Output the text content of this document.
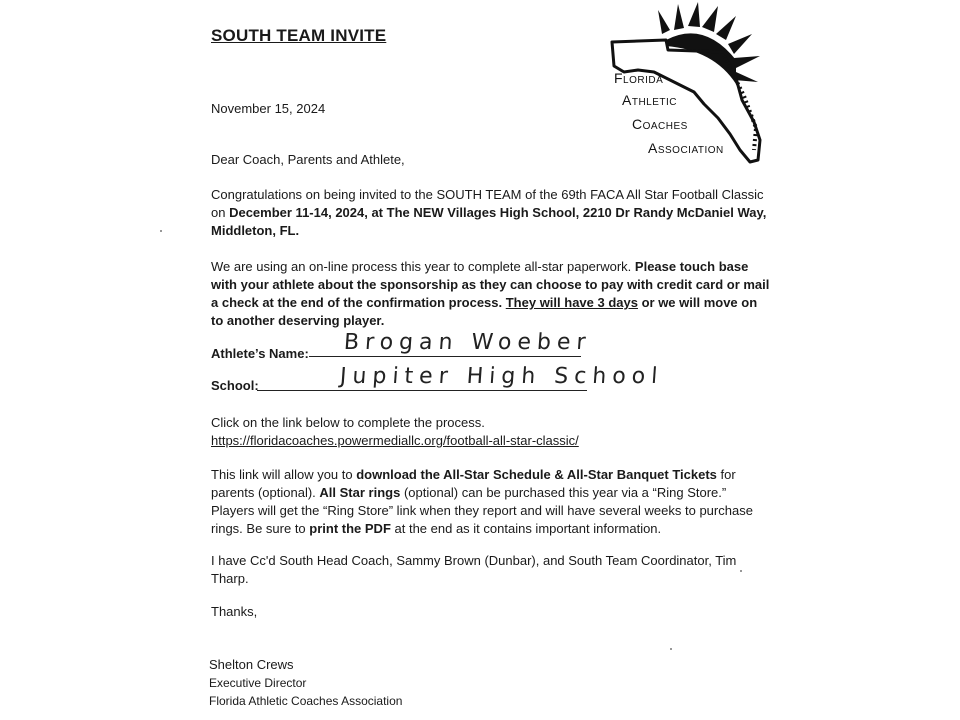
SOUTH TEAM INVITE
Florida
Athletic
Coaches
Association
November 15, 2024
Dear Coach, Parents and Athlete,
Congratulations on being invited to the SOUTH TEAM of the 69th FACA All Star Football Classic on December 11-14, 2024, at The NEW Villages High School, 2210 Dr Randy McDaniel Way, Middleton, FL.
We are using an on-line process this year to complete all-star paperwork. Please touch base with your athlete about the sponsorship as they can choose to pay with credit card or mail a check at the end of the confirmation process. They will have 3 days or we will move on to another deserving player.
Athlete’s Name: Brogan Woeber
School:	Jupiter High School
Click on the link below to complete the process.
https://floridacoaches.powermediallc.org/football-all-star-classic/
This link will allow you to download the All-Star Schedule & All-Star Banquet Tickets for parents (optional). All Star rings (optional) can be purchased this year via a “Ring Store.” Players will get the “Ring Store” link when they report and will have several weeks to purchase rings. Be sure to print the PDF at the end as it contains important information.
I have Cc'd South Head Coach, Sammy Brown (Dunbar), and South Team Coordinator, Tim Tharp.
Thanks,
Shelton Crews
Executive Director
Florida Athletic Coaches Association
